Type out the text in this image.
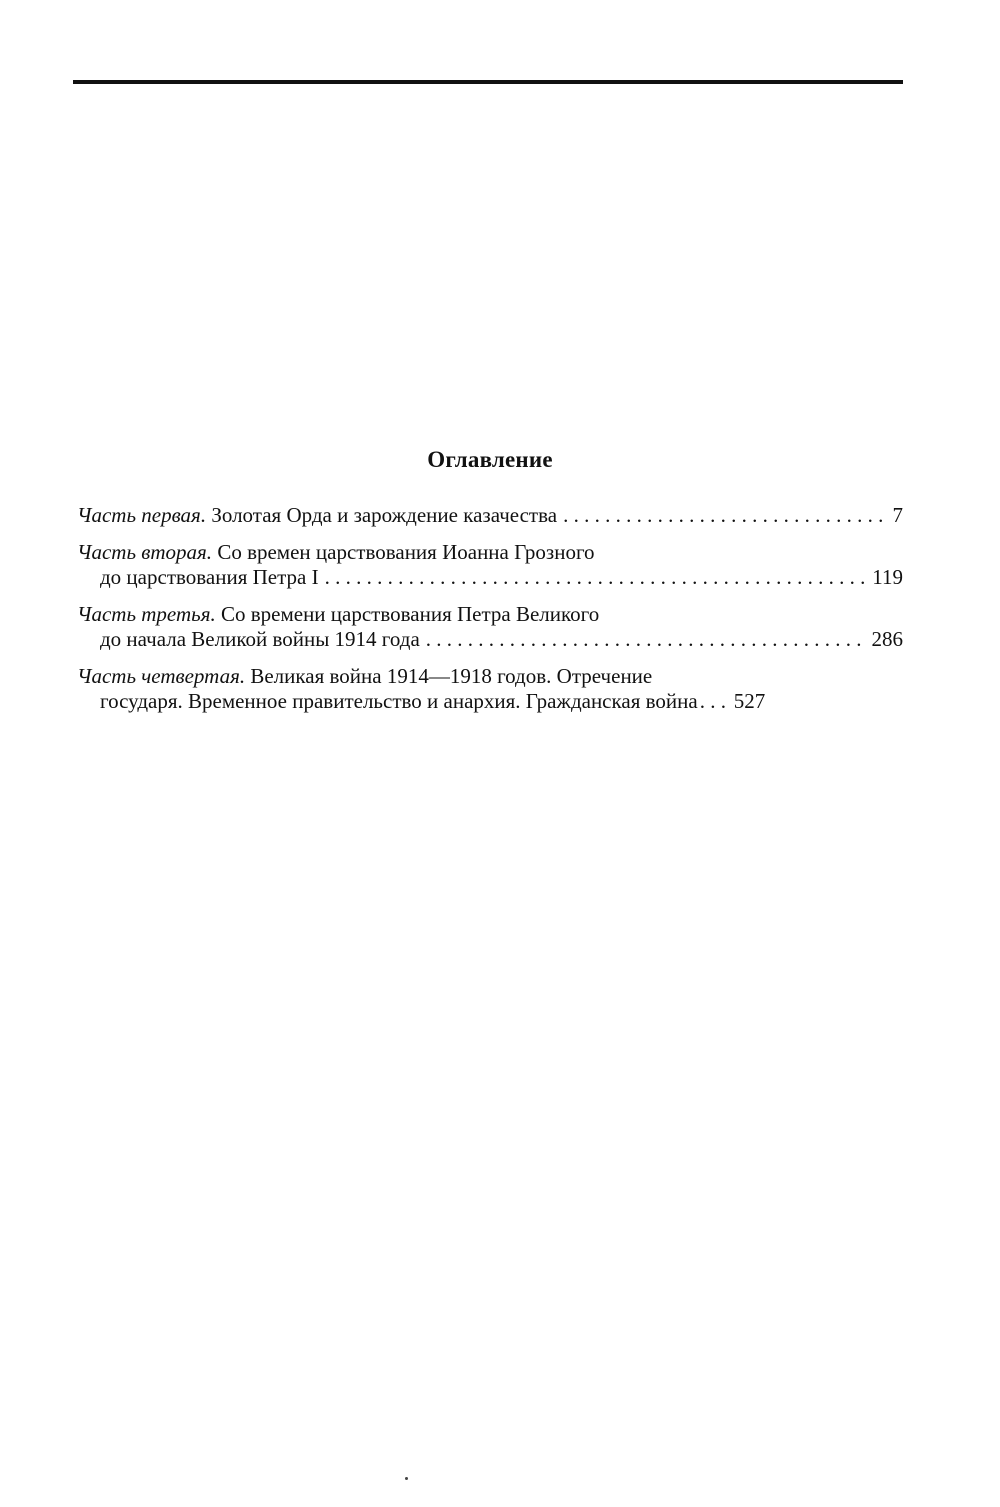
Оглавление
Часть первая.
Золотая Орда и зарождение казачества . . .	7
Часть вторая.
Со времен царствования Иоанна Грозного
до царствования Петра I . . .	119
Часть третья.
Со времени царствования Петра Великого
до начала Великой войны 1914 года . . .	286
Часть четвертая.
Великая война 1914—1918 годов. Отречение
государя. Временное правительство и анархия. Гражданская война . . . 527
